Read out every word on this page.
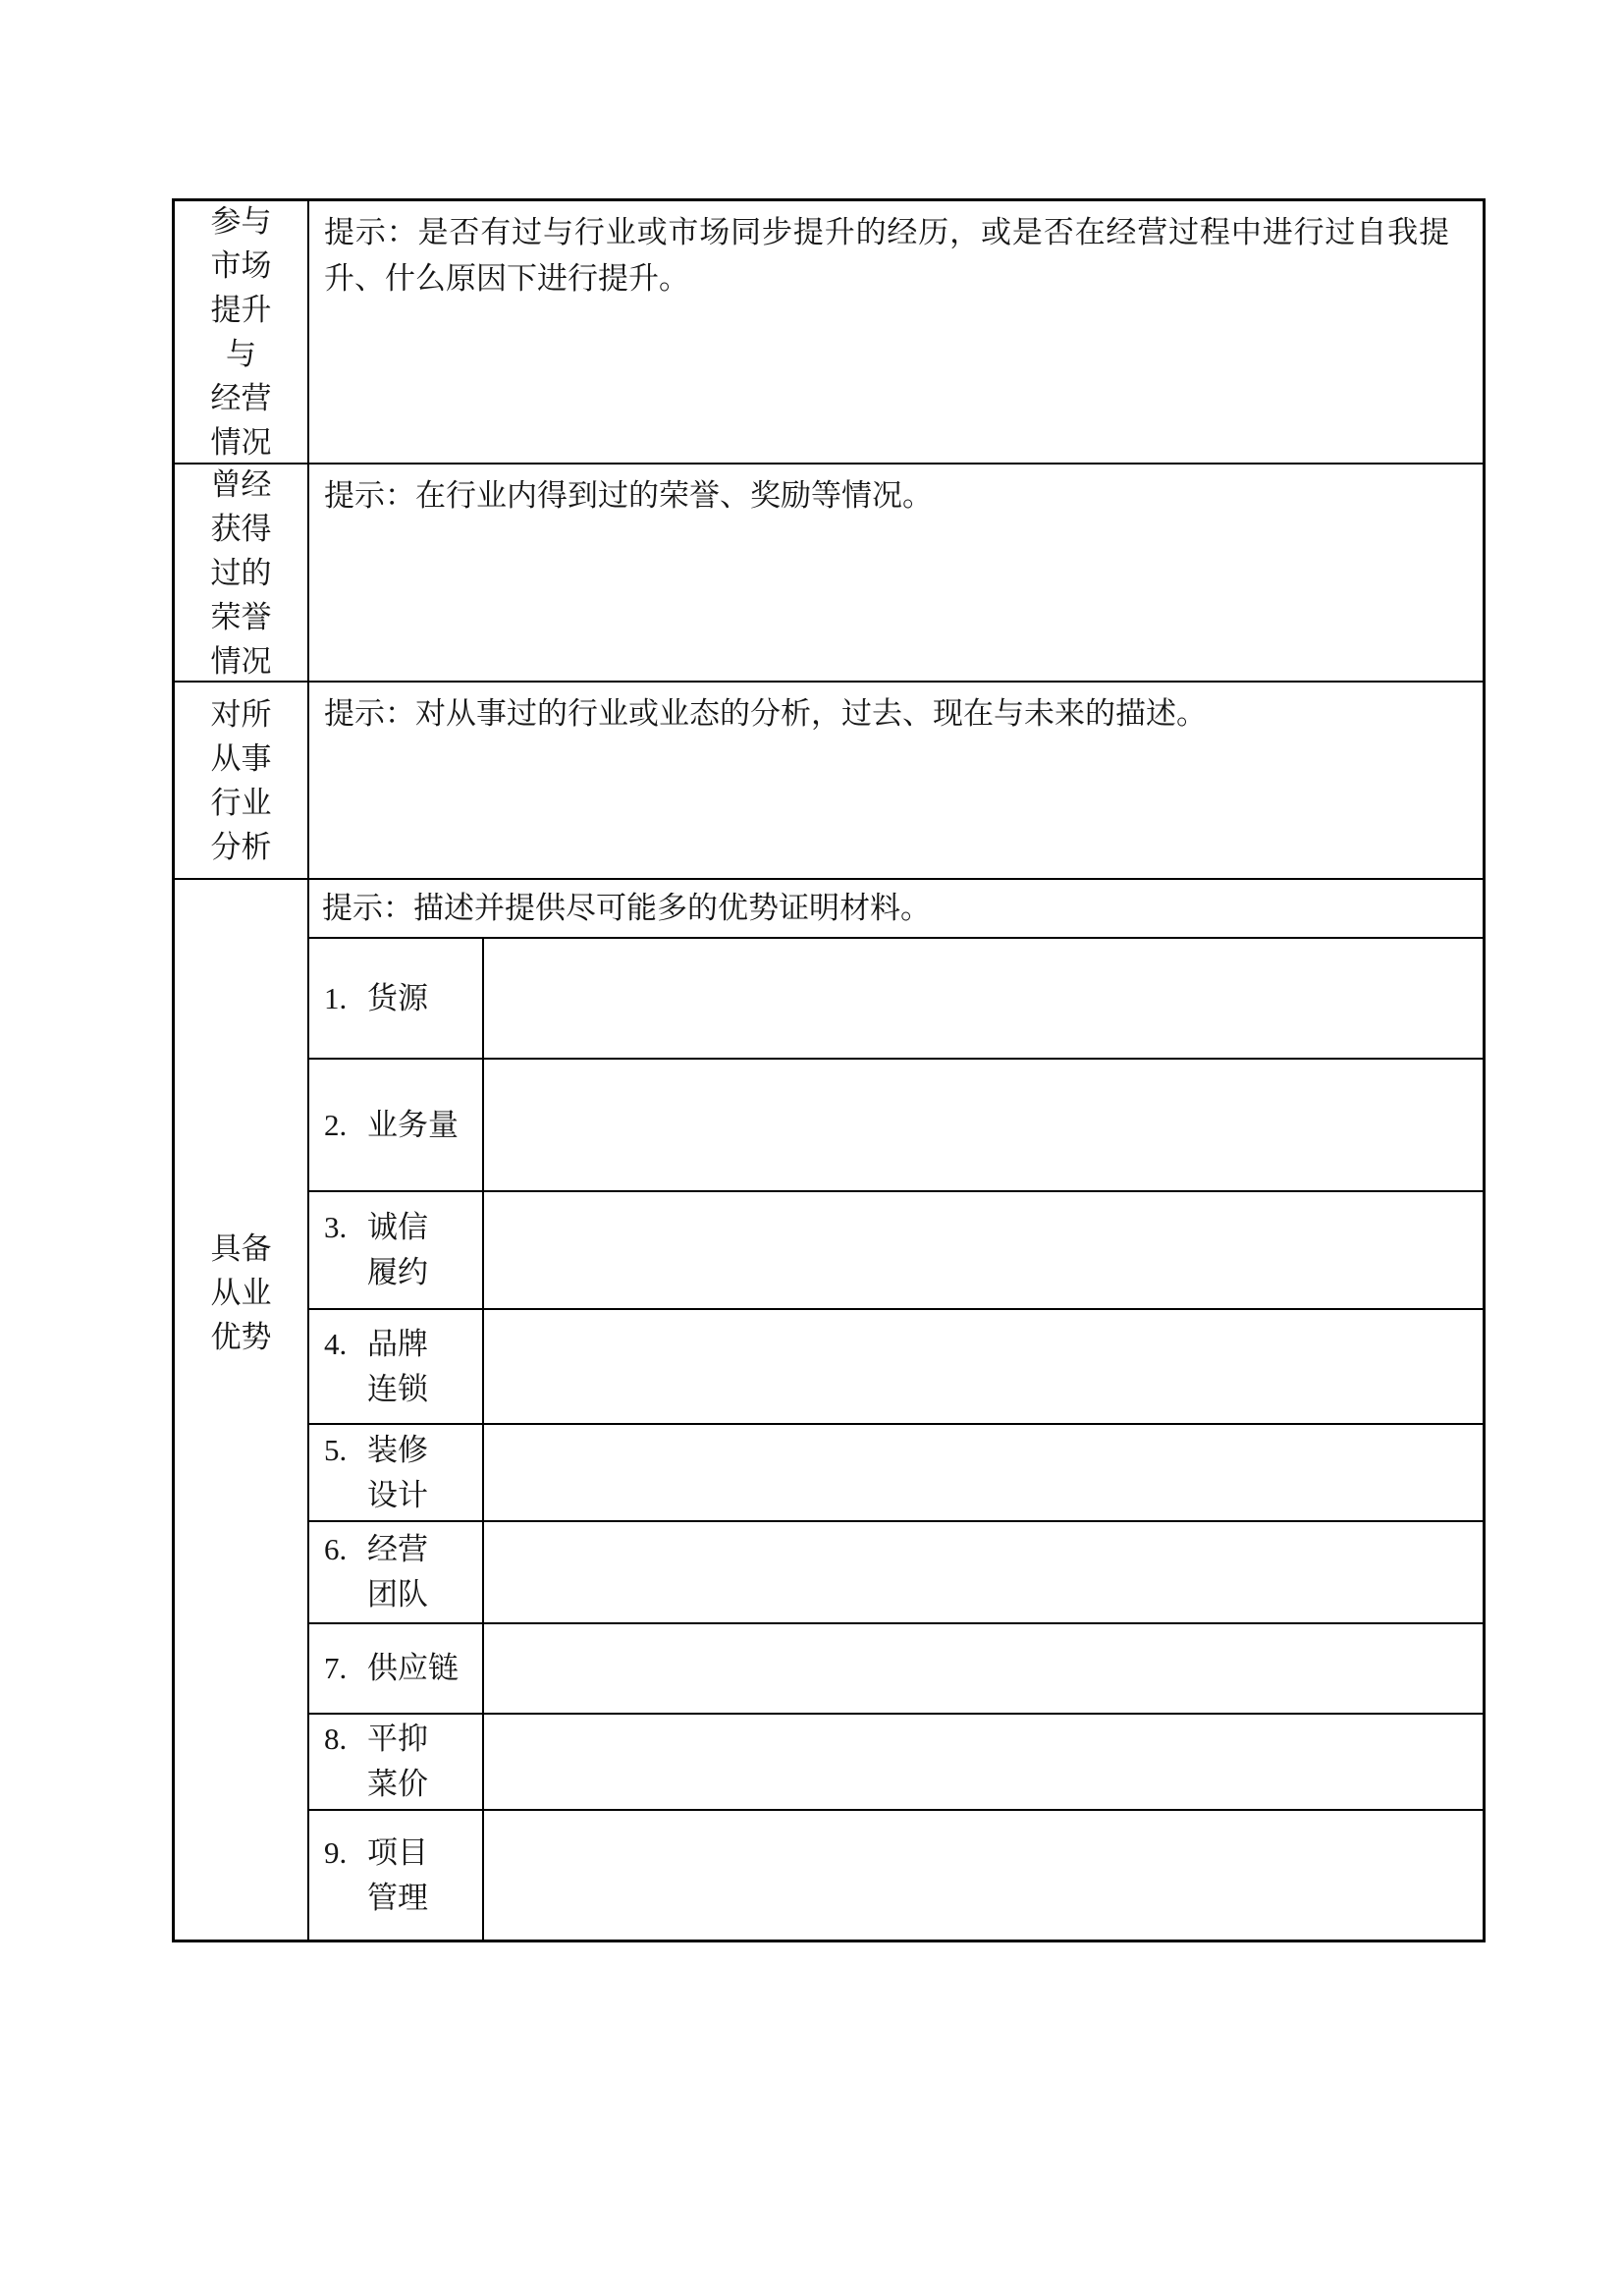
参与
市场
提升
与
经营
情况
提示：是否有过与行业或市场同步提升的经历，或是否在经营过程中进行过自我提升、什么原因下进行提升。
曾经
获得
过的
荣誉
情况
提示：在行业内得到过的荣誉、奖励等情况。
对所
从事
行业
分析
提示：对从事过的行业或业态的分析，过去、现在与未来的描述。
具备
从业
优势
提示：描述并提供尽可能多的优势证明材料。
1. 货源
2. 业务量
3. 诚信
履约
4. 品牌
连锁
5. 装修
设计
6. 经营
团队
7. 供应链
8. 平抑
菜价
9. 项目
管理
